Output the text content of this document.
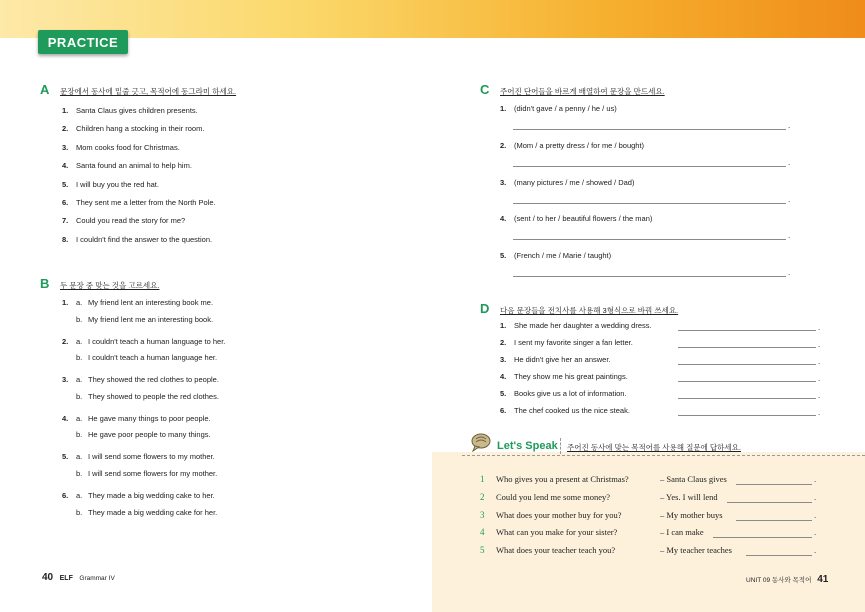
PRACTICE
A 문장에서 동사에 밑줄 긋고, 목적어에 동그라미 하세요.
1. Santa Claus gives children presents.
2. Children hang a stocking in their room.
3. Mom cooks food for Christmas.
4. Santa found an animal to help him.
5. I will buy you the red hat.
6. They sent me a letter from the North Pole.
7. Could you read the story for me?
8. I couldn't find the answer to the question.
B 두 문장 중 맞는 것을 고르세요.
1. a. My friend lent an interesting book me.
b. My friend lent me an interesting book.
2. a. I couldn't teach a human language to her.
b. I couldn't teach a human language her.
3. a. They showed the red clothes to people.
b. They showed to people the red clothes.
4. a. He gave many things to poor people.
b. He gave poor people to many things.
5. a. I will send some flowers to my mother.
b. I will send some flowers for my mother.
6. a. They made a big wedding cake to her.
b. They made a big wedding cake for her.
C 주어진 단어들을 바르게 배열하여 문장을 만드세요.
1. (didn't gave / a penny / he / us)
.
2. (Mom / a pretty dress / for me / bought)
.
3. (many pictures / me / showed / Dad)
.
4. (sent / to her / beautiful flowers / the man)
.
5. (French / me / Marie / taught)
.
D 다음 문장들을 전치사를 사용해 3형식으로 바꿔 쓰세요.
1. She made her daughter a wedding dress.	.
2. I sent my favorite singer a fan letter.	.
3. He didn't give her an answer.	.
4. They show me his great paintings.	.
5. Books give us a lot of information.	.
6. The chef cooked us the nice steak.	.
Let's Speak 주어진 동사에 맞는 목적어를 사용해 질문에 답하세요.
1 Who gives you a present at Christmas?	– Santa Claus gives	.
2 Could you lend me some money?	– Yes. I will lend	.
3 What does your mother buy for you?	– My mother buys	.
4 What can you make for your sister?	– I can make	.
5 What does your teacher teach you?	– My teacher teaches	.
40 ELF Grammar IV	UNIT 09 동사와 목적어 41
